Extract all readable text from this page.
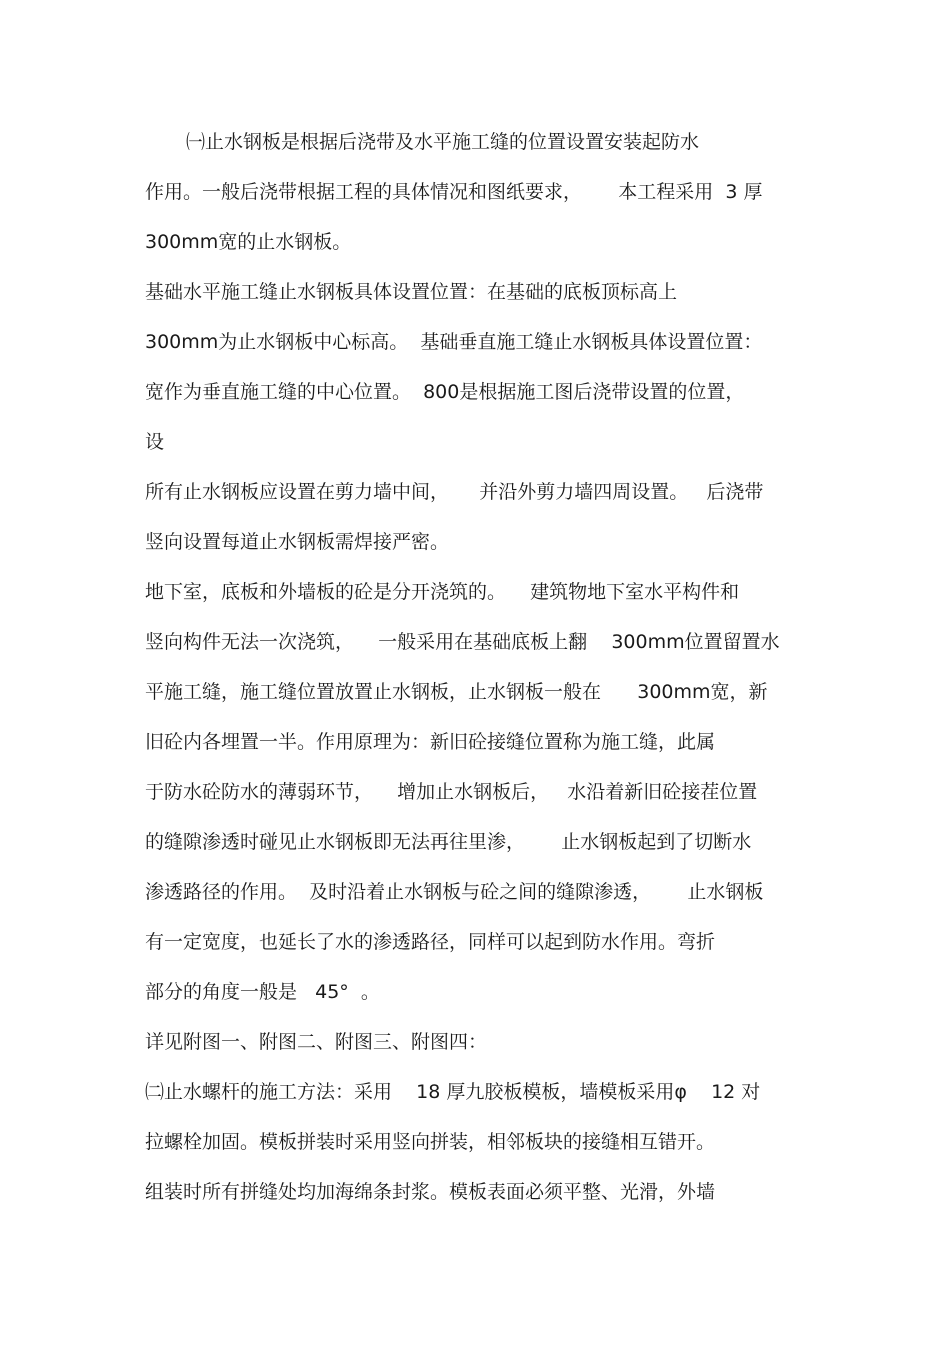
㈠止水钢板是根据后浇带及水平施工缝的位置设置安装起防水
作用。一般后浇带根据工程的具体情况和图纸要求，      本工程采用  3 厚
300mm宽的止水钢板。
基础水平施工缝止水钢板具体设置位置：在基础的底板顶标高上
300mm为止水钢板中心标高。  基础垂直施工缝止水钢板具体设置位置：
宽作为垂直施工缝的中心位置。  800是根据施工图后浇带设置的位置，
设
所有止水钢板应设置在剪力墙中间，     并沿外剪力墙四周设置。   后浇带
竖向设置每道止水钢板需焊接严密。
地下室，底板和外墙板的砼是分开浇筑的。    建筑物地下室水平构件和
竖向构件无法一次浇筑，    一般采用在基础底板上翻    300mm位置留置水
平施工缝，施工缝位置放置止水钢板，止水钢板一般在      300mm宽，新
旧砼内各埋置一半。作用原理为：新旧砼接缝位置称为施工缝，此属
于防水砼防水的薄弱环节，    增加止水钢板后，   水沿着新旧砼接茬位置
的缝隙渗透时碰见止水钢板即无法再往里渗，      止水钢板起到了切断水
渗透路径的作用。  及时沿着止水钢板与砼之间的缝隙渗透，      止水钢板
有一定宽度，也延长了水的渗透路径，同样可以起到防水作用。弯折
部分的角度一般是   45°  。
详见附图一、附图二、附图三、附图四：
㈡止水螺杆的施工方法：采用    18 厚九胶板模板，墙模板采用φ    12 对
拉螺栓加固。模板拼装时采用竖向拼装，相邻板块的接缝相互错开。
组装时所有拼缝处均加海绵条封浆。模板表面必须平整、光滑，外墙
